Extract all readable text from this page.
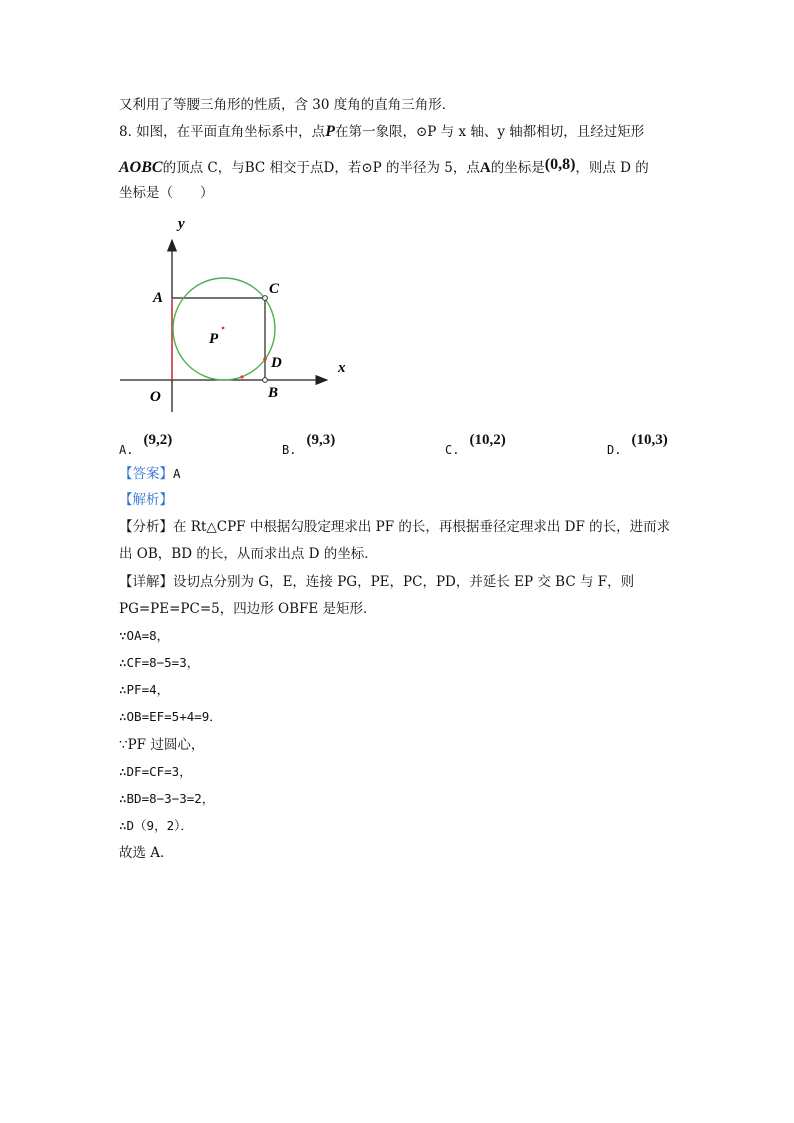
又利用了等腰三角形的性质，含 30 度角的直角三角形．
8. 如图，在平面直角坐标系中，点P在第一象限，⊙P 与 x 轴、y 轴都相切，且经过矩形
AOBC的顶点 C，与BC 相交于点D，若⊙P 的半径为 5，点A的坐标是(0,8)，则点 D 的
坐标是（　　）
y
x
A
C
P
D
O	B
A.(9,2)
B.(9,3)
C.(10,2)
D.(10,3)
【答案】A
【解析】
【分析】在 Rt△CPF 中根据勾股定理求出 PF 的长，再根据垂径定理求出 DF 的长，进而求
出 OB，BD 的长，从而求出点 D 的坐标．
【详解】设切点分别为 G，E，连接 PG，PE，PC，PD，并延长 EP 交 BC 与 F，则
PG=PE=PC=5，四边形 OBFE 是矩形．
∵OA=8，
∴CF=8−5=3，
∴PF=4，
∴OB=EF=5+4=9．
∵PF 过圆心，
∴DF=CF=3，
∴BD=8−3−3=2，
∴D（9，2）．
故选 A．
